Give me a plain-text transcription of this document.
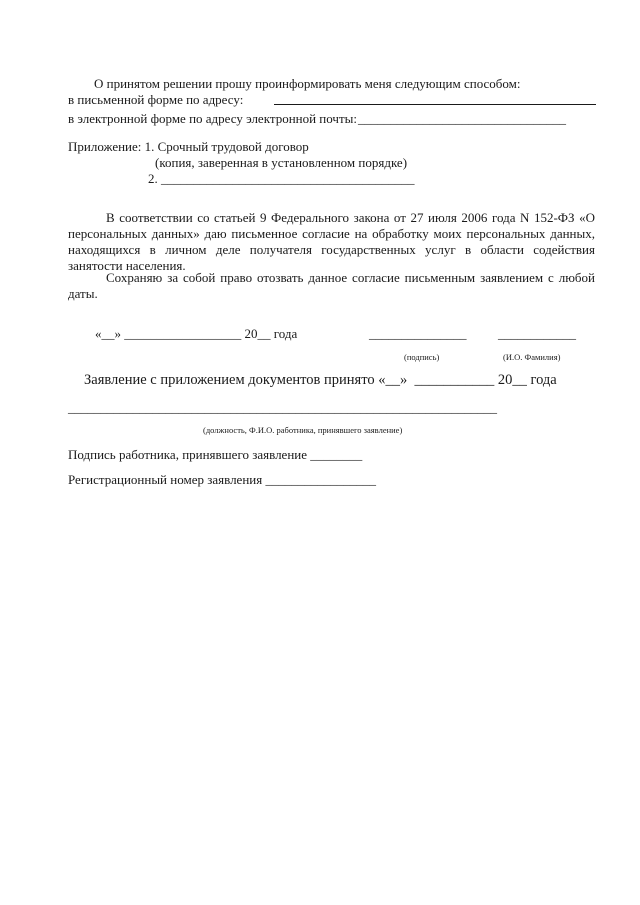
О принятом решении прошу проинформировать меня следующим способом:
в письменной форме по адресу:
в электронной форме по адресу электронной почты: ________________________________
Приложение: 1. Срочный трудовой договор
(копия, заверенная в установленном порядке)
2. _______________________________________
В соответствии со статьей 9 Федерального закона от 27 июля 2006 года N 152-ФЗ «О персональных данных» даю письменное согласие на обработку моих персональных данных, находящихся в личном деле получателя государственных услуг в области содействия занятости населения.
Сохраняю за собой право отозвать данное согласие письменным заявлением с любой даты.
«__» __________________ 20__ года	_______________ ____________
(подпись)	(И.О. Фамилия)
Заявление с приложением документов принято «__»  ___________ 20__ года
__________________________________________________________________
(должность, Ф.И.О. работника, принявшего заявление)
Подпись работника, принявшего заявление ________
Регистрационный номер заявления _________________
